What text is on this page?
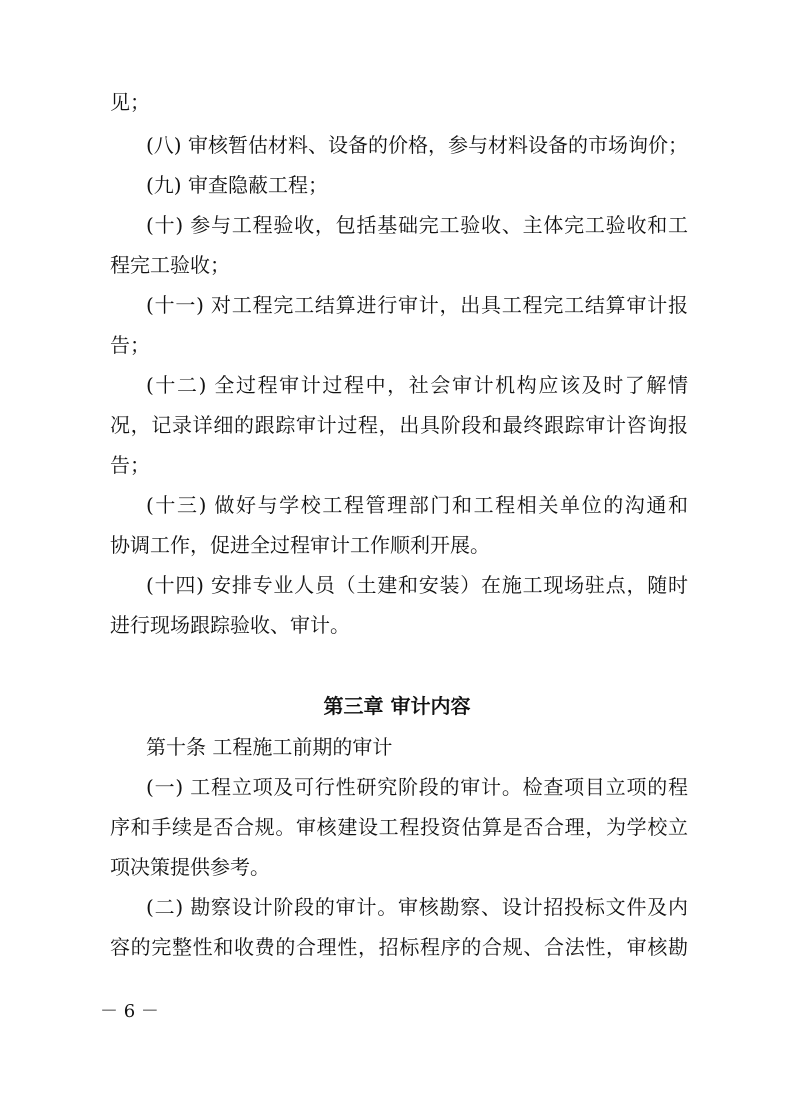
见；
(八) 审核暂估材料、设备的价格，参与材料设备的市场询价；
(九) 审查隐蔽工程；
(十) 参与工程验收，包括基础完工验收、主体完工验收和工
程完工验收；
(十一) 对工程完工结算进行审计，出具工程完工结算审计报
告；
(十二) 全过程审计过程中，社会审计机构应该及时了解情
况，记录详细的跟踪审计过程，出具阶段和最终跟踪审计咨询报
告；
(十三) 做好与学校工程管理部门和工程相关单位的沟通和
协调工作，促进全过程审计工作顺利开展。
(十四) 安排专业人员（土建和安装）在施工现场驻点，随时
进行现场跟踪验收、审计。
第三章 审计内容
第十条 工程施工前期的审计
(一) 工程立项及可行性研究阶段的审计。检查项目立项的程
序和手续是否合规。审核建设工程投资估算是否合理，为学校立
项决策提供参考。
(二) 勘察设计阶段的审计。审核勘察、设计招投标文件及内
容的完整性和收费的合理性，招标程序的合规、合法性，审核勘
－ 6 －
